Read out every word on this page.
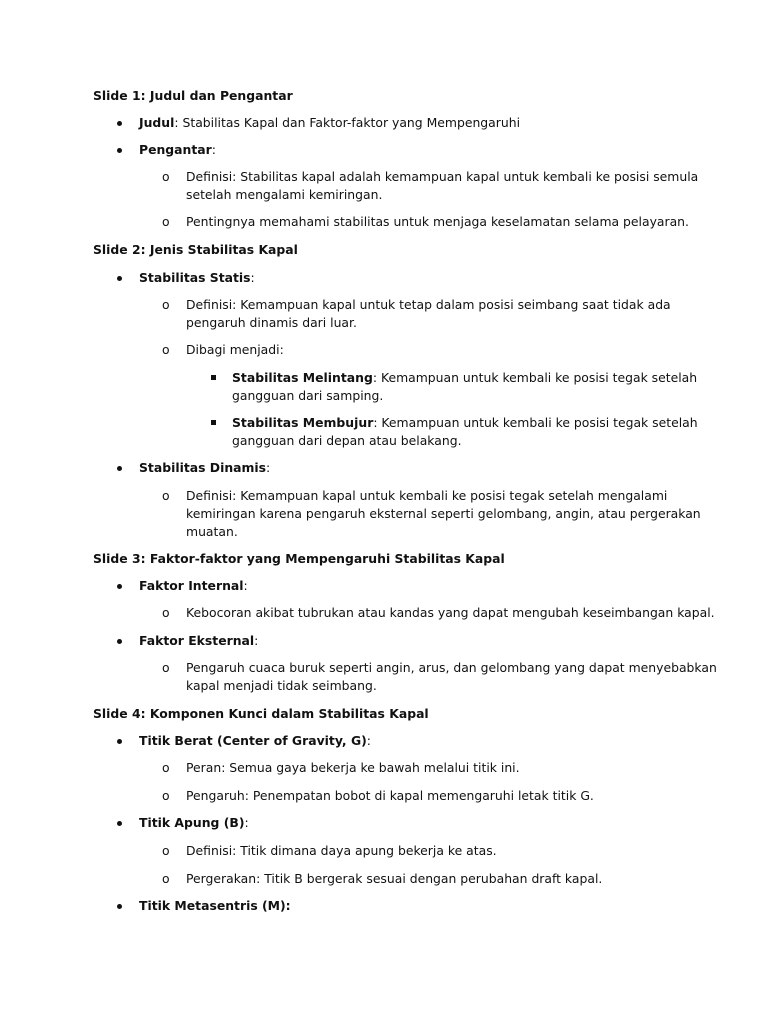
Slide 1: Judul dan Pengantar
Judul: Stabilitas Kapal dan Faktor-faktor yang Mempengaruhi
Pengantar:
o Definisi: Stabilitas kapal adalah kemampuan kapal untuk kembali ke posisi semula
setelah mengalami kemiringan.
o Pentingnya memahami stabilitas untuk menjaga keselamatan selama pelayaran.
Slide 2: Jenis Stabilitas Kapal
Stabilitas Statis:
o Definisi: Kemampuan kapal untuk tetap dalam posisi seimbang saat tidak ada
pengaruh dinamis dari luar.
o Dibagi menjadi:
Stabilitas Melintang: Kemampuan untuk kembali ke posisi tegak setelah
gangguan dari samping.
Stabilitas Membujur: Kemampuan untuk kembali ke posisi tegak setelah
gangguan dari depan atau belakang.
Stabilitas Dinamis:
o Definisi: Kemampuan kapal untuk kembali ke posisi tegak setelah mengalami
kemiringan karena pengaruh eksternal seperti gelombang, angin, atau pergerakan
muatan.
Slide 3: Faktor-faktor yang Mempengaruhi Stabilitas Kapal
Faktor Internal:
o Kebocoran akibat tubrukan atau kandas yang dapat mengubah keseimbangan kapal.
Faktor Eksternal:
o Pengaruh cuaca buruk seperti angin, arus, dan gelombang yang dapat menyebabkan
kapal menjadi tidak seimbang.
Slide 4: Komponen Kunci dalam Stabilitas Kapal
Titik Berat (Center of Gravity, G):
o Peran: Semua gaya bekerja ke bawah melalui titik ini.
o Pengaruh: Penempatan bobot di kapal memengaruhi letak titik G.
Titik Apung (B):
o Definisi: Titik dimana daya apung bekerja ke atas.
o Pergerakan: Titik B bergerak sesuai dengan perubahan draft kapal.
Titik Metasentris (M):
